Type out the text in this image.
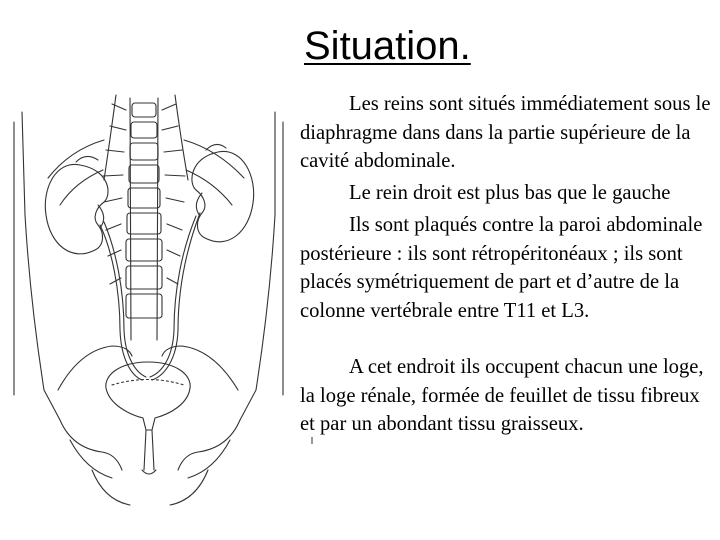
Situation.

Les reins sont situés immédiatement sous le diaphragme dans dans la partie supérieure de la cavité abdominale.

Le rein droit est plus bas que le gauche

Ils sont plaqués contre la paroi abdominale postérieure : ils sont rétropéritonéaux ; ils sont placés symétriquement de part et d’autre de la colonne vertébrale entre T11 et L3.

A cet endroit ils occupent chacun une loge, la loge rénale, formée de feuillet de tissu fibreux et par un abondant tissu graisseux.
